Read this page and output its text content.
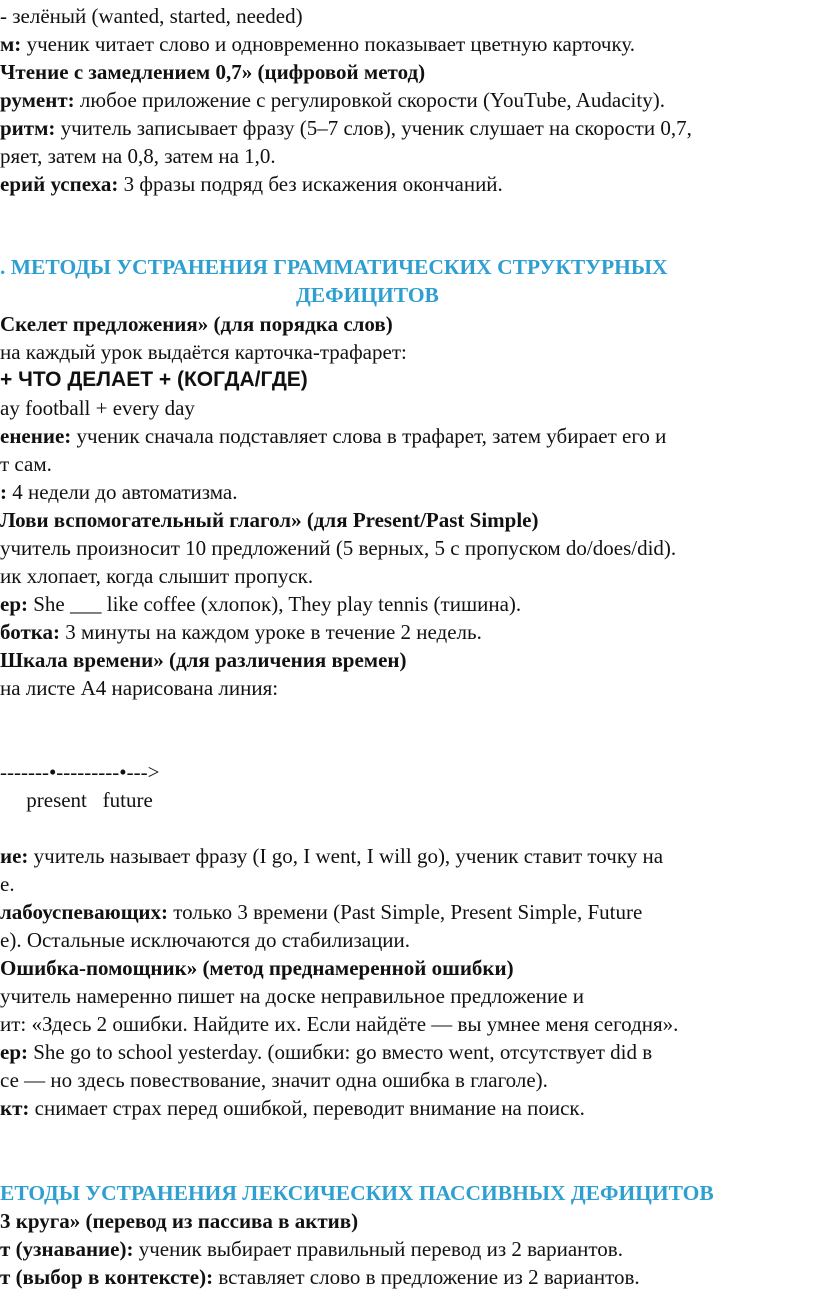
- зелёный (wanted, started, needed)
м: ученик читает слово и одновременно показывает цветную карточку.
Чтение с замедлением 0,7» (цифровой метод)
румент: любое приложение с регулировкой скорости (YouTube, Audacity).
ритм: учитель записывает фразу (5–7 слов), ученик слушает на скорости 0,7,
ряет, затем на 0,8, затем на 1,0.
ерий успеха: 3 фразы подряд без искажения окончаний.
. МЕТОДЫ УСТРАНЕНИЯ ГРАММАТИЧЕСКИХ СТРУКТУРНЫХ
ДЕФИЦИТОВ
Скелет предложения» (для порядка слов)
на каждый урок выдаётся карточка-трафарет:
+ ЧТО ДЕЛАЕТ + (КОГДА/ГДЕ)
ay football + every day
енение: ученик сначала подставляет слова в трафарет, затем убирает его и
т сам.
: 4 недели до автоматизма.
Лови вспомогательный глагол» (для Present/Past Simple)
учитель произносит 10 предложений (5 верных, 5 с пропуском do/does/did).
ик хлопает, когда слышит пропуск.
ер: She ___ like coffee (хлопок), They play tennis (тишина).
ботка: 3 минуты на каждом уроке в течение 2 недель.
Шкала времени» (для различения времен)
на листе А4 нарисована линия:
-------•---------•--->
present   future
ие: учитель называет фразу (I go, I went, I will go), ученик ставит точку на
е.
лабоуспевающих: только 3 времени (Past Simple, Present Simple, Future
е). Остальные исключаются до стабилизации.
Ошибка-помощник» (метод преднамеренной ошибки)
учитель намеренно пишет на доске неправильное предложение и
ит: «Здесь 2 ошибки. Найдите их. Если найдёте — вы умнее меня сегодня».
ер: She go to school yesterday. (ошибки: go вместо went, отсутствует did в
се — но здесь повествование, значит одна ошибка в глаголе).
кт: снимает страх перед ошибкой, переводит внимание на поиск.
ЕТОДЫ УСТРАНЕНИЯ ЛЕКСИЧЕСКИХ ПАССИВНЫХ ДЕФИЦИТОВ
3 круга» (перевод из пассива в актив)
т (узнавание): ученик выбирает правильный перевод из 2 вариантов.
т (выбор в контексте): вставляет слово в предложение из 2 вариантов.
